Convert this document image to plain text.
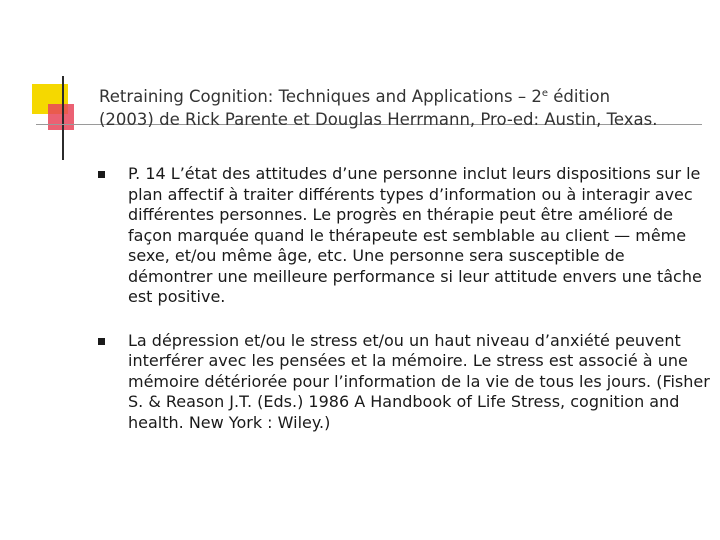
Retraining Cognition: Techniques and Applications – 2e édition
(2003) de Rick Parente et Douglas Herrmann, Pro-ed: Austin, Texas.
P. 14 L’état des attitudes d’une personne inclut leurs dispositions sur le plan affectif à traiter différents types d’information ou à interagir avec différentes personnes. Le progrès en thérapie peut être amélioré de façon marquée quand le thérapeute est semblable au client — même sexe, et/ou même âge, etc. Une personne sera susceptible de démontrer une meilleure performance si leur attitude envers une tâche est positive.
La dépression et/ou le stress et/ou un haut niveau d’anxiété peuvent interférer avec les pensées et la mémoire. Le stress est associé à une mémoire détériorée pour l’information de la vie de tous les jours. (Fisher S. & Reason J.T. (Eds.) 1986 A Handbook of Life Stress, cognition and health. New York : Wiley.)
